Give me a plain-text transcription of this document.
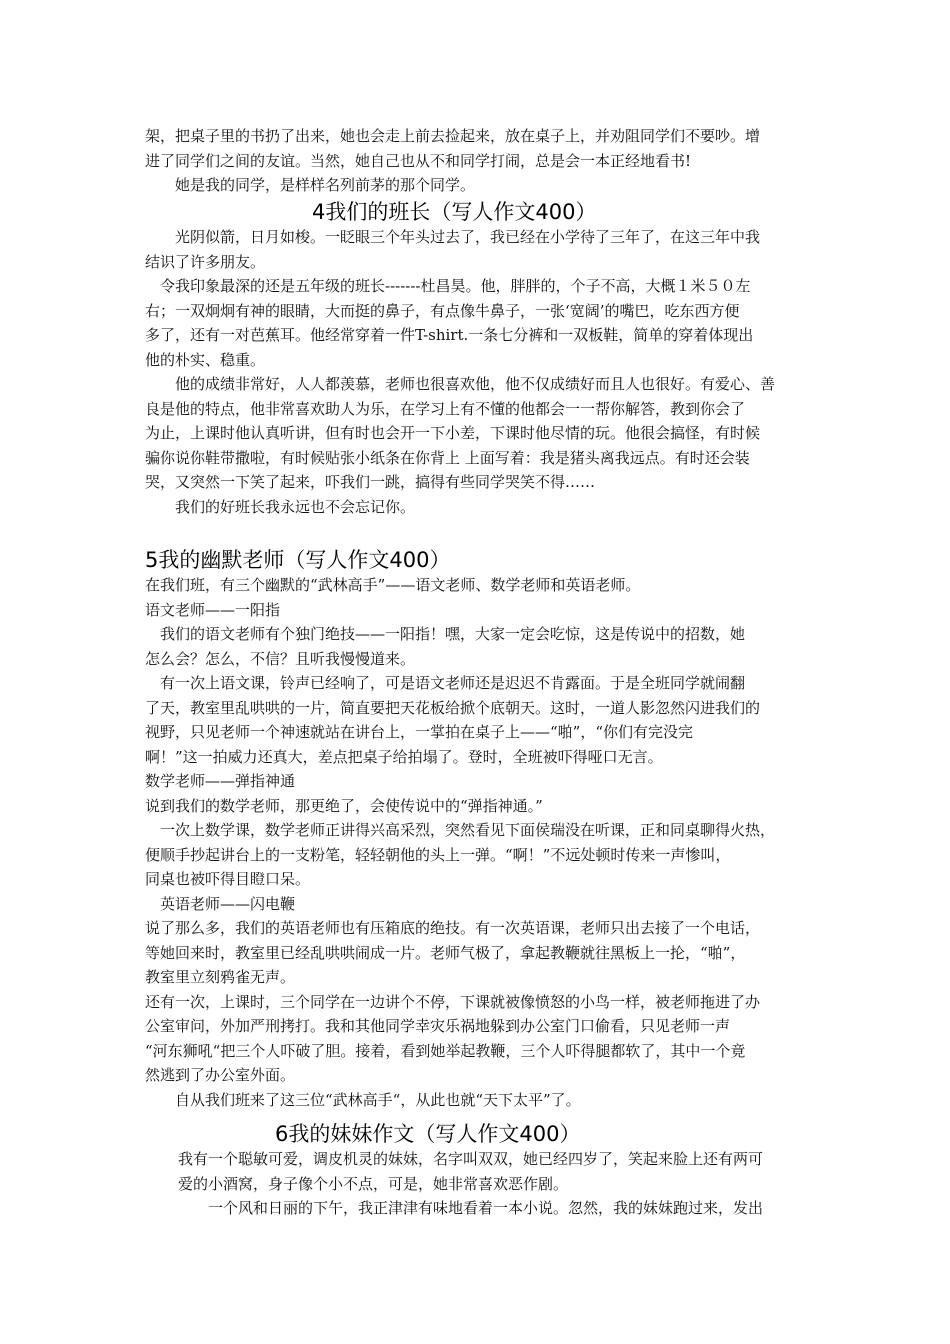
架，把桌子里的书扔了出来，她也会走上前去捡起来，放在桌子上，并劝阻同学们不要吵。增
进了同学们之间的友谊。当然，她自己也从不和同学打闹，总是会一本正经地看书!
　　她是我的同学，是样样名列前茅的那个同学。
4我们的班长（写人作文400）
　　光阴似箭，日月如梭。一眨眼三个年头过去了，我已经在小学待了三年了，在这三年中我
结识了许多朋友。
　令我印象最深的还是五年级的班长-------杜昌昊。他，胖胖的，个子不高，大概１米５０左
右；一双炯炯有神的眼睛，大而挺的鼻子，有点像牛鼻子，一张‘宽阔’的嘴巴，吃东西方便
多了，还有一对芭蕉耳。他经常穿着一件T-shirt.一条七分裤和一双板鞋，简单的穿着体现出
他的朴实、稳重。
　　他的成绩非常好，人人都羡慕，老师也很喜欢他，他不仅成绩好而且人也很好。有爱心、善
良是他的特点，他非常喜欢助人为乐，在学习上有不懂的他都会一一帮你解答，教到你会了
为止，上课时他认真听讲，但有时也会开一下小差，下课时他尽情的玩。他很会搞怪，有时候
骗你说你鞋带撒啦，有时候贴张小纸条在你背上 上面写着：我是猪头离我远点。有时还会装
哭，又突然一下笑了起来，吓我们一跳，搞得有些同学哭笑不得……
　　我们的好班长我永远也不会忘记你。
5我的幽默老师（写人作文400）
在我们班，有三个幽默的“武林高手”——语文老师、数学老师和英语老师。
语文老师——一阳指
　我们的语文老师有个独门绝技——一阳指！嘿，大家一定会吃惊，这是传说中的招数，她
怎么会？怎么，不信？且听我慢慢道来。
　有一次上语文课，铃声已经响了，可是语文老师还是迟迟不肯露面。于是全班同学就闹翻
了天，教室里乱哄哄的一片，简直要把天花板给掀个底朝天。这时，一道人影忽然闪进我们的
视野，只见老师一个神速就站在讲台上，一掌拍在桌子上——“啪”，“你们有完没完
啊！”这一拍威力还真大，差点把桌子给拍塌了。登时，全班被吓得哑口无言。
数学老师——弹指神通
说到我们的数学老师，那更绝了，会使传说中的“弹指神通。”
　一次上数学课，数学老师正讲得兴高采烈，突然看见下面侯瑞没在听课，正和同桌聊得火热，
便顺手抄起讲台上的一支粉笔，轻轻朝他的头上一弹。“啊！”不远处顿时传来一声惨叫，
同桌也被吓得目瞪口呆。
　英语老师——闪电鞭
说了那么多，我们的英语老师也有压箱底的绝技。有一次英语课，老师只出去接了一个电话，
等她回来时，教室里已经乱哄哄闹成一片。老师气极了，拿起教鞭就往黑板上一抡，“啪”，
教室里立刻鸦雀无声。
还有一次，上课时，三个同学在一边讲个不停，下课就被像愤怒的小鸟一样，被老师拖进了办
公室审问，外加严刑拷打。我和其他同学幸灾乐祸地躲到办公室门口偷看，只见老师一声
“河东狮吼“把三个人吓破了胆。接着，看到她举起教鞭，三个人吓得腿都软了，其中一个竟
然逃到了办公室外面。
　　自从我们班来了这三位“武林高手“，从此也就“天下太平”了。
6我的妹妹作文（写人作文400）
我有一个聪敏可爱，调皮机灵的妹妹，名字叫双双，她已经四岁了，笑起来脸上还有两可
爱的小酒窝，身子像个小不点，可是，她非常喜欢恶作剧。
　　一个风和日丽的下午，我正津津有味地看着一本小说。忽然，我的妹妹跑过来，发出
